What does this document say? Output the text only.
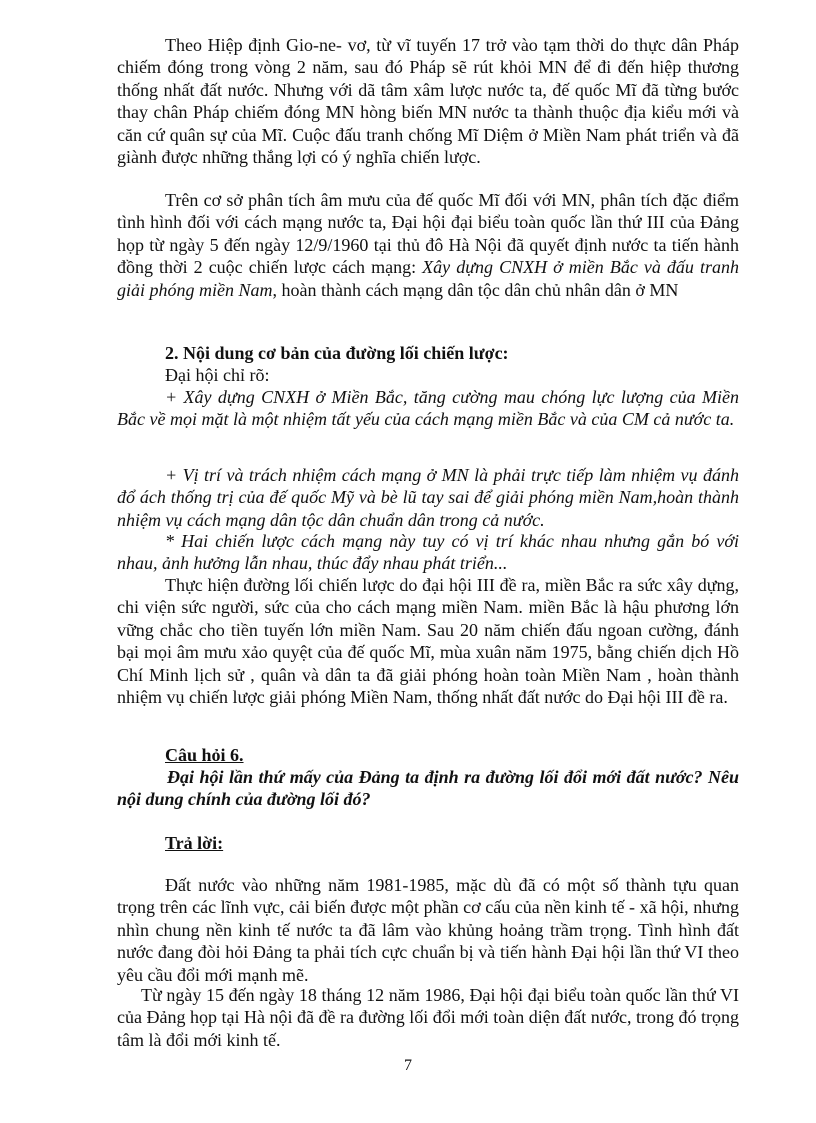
Theo Hiệp định Gio-ne- vơ, từ vĩ tuyến 17 trở vào tạm thời do thực dân Pháp chiếm đóng trong vòng 2 năm, sau đó Pháp sẽ rút khỏi MN để đi đến hiệp thương thống nhất đất nước. Nhưng với dã tâm xâm lược nước ta, đế quốc Mĩ đã từng bước thay chân Pháp chiếm đóng MN hòng biến MN nước ta thành thuộc địa kiểu mới và căn cứ quân sự của Mĩ. Cuộc đấu tranh chống Mĩ Diệm ở Miền Nam phát triển và đã giành được những thắng lợi có ý nghĩa chiến lược.

Trên cơ sở phân tích âm mưu của đế quốc Mĩ đối với MN, phân tích đặc điểm tình hình đối với cách mạng nước ta, Đại hội đại biểu toàn quốc lần thứ III của Đảng họp từ ngày 5 đến ngày 12/9/1960 tại thủ đô Hà Nội đã quyết định nước ta tiến hành đồng thời 2 cuộc chiến lược cách mạng: Xây dựng CNXH ở miền Bắc và đấu tranh giải phóng miền Nam, hoàn thành cách mạng dân tộc dân chủ nhân dân ở MN

2. Nội dung cơ bản của đường lối chiến lược:

Đại hội chỉ rõ:

+ Xây dựng CNXH ở Miền Bắc, tăng cường mau chóng lực lượng của Miền Bắc về mọi mặt là một nhiệm tất yếu của cách mạng miền Bắc và của CM cả nước ta.

+ Vị trí và trách nhiệm cách mạng ở MN là phải trực tiếp làm nhiệm vụ đánh đổ ách thống trị của đế quốc Mỹ và bè lũ tay sai để giải phóng miền Nam,hoàn thành nhiệm vụ cách mạng dân tộc dân chuẩn dân trong cả nước.

* Hai chiến lược cách mạng này tuy có vị trí khác nhau nhưng gắn bó với nhau, ảnh hưởng lẫn nhau, thúc đẩy nhau phát triển...

Thực hiện đường lối chiến lược do đại hội III đề ra, miền Bắc ra sức xây dựng, chi viện sức người, sức của cho cách mạng miền Nam. miền Bắc là hậu phương lớn vững chắc cho tiền tuyến lớn miền Nam. Sau 20 năm chiến đấu ngoan cường, đánh bại mọi âm mưu xảo quyệt của đế quốc Mĩ, mùa xuân năm 1975, bằng chiến dịch Hồ Chí Minh lịch sử , quân và dân ta đã giải phóng hoàn toàn Miền Nam , hoàn thành nhiệm vụ chiến lược giải phóng Miền Nam, thống nhất đất nước do Đại hội III đề ra.

Câu hỏi 6.

Đại hội lần thứ mấy của Đảng ta định ra đường lối đổi mới đất nước? Nêu nội dung chính của đường lối đó?

Trả lời:

Đất nước vào những năm 1981-1985, mặc dù đã có một số thành tựu quan trọng trên các lĩnh vực, cải biến được một phần cơ cấu của nền kinh tế - xã hội, nhưng nhìn chung nền kinh tế nước ta đã lâm vào khủng hoảng trầm trọng. Tình hình đất nước đang đòi hỏi Đảng ta phải tích cực chuẩn bị và tiến hành Đại hội lần thứ VI theo yêu cầu đổi mới mạnh mẽ.

Từ ngày 15 đến ngày 18 tháng 12 năm 1986, Đại hội đại biểu toàn quốc lần thứ VI của Đảng họp tại Hà nội đã đề ra đường lối đổi mới toàn diện đất nước, trong đó trọng tâm là đổi mới kinh tế.

7
